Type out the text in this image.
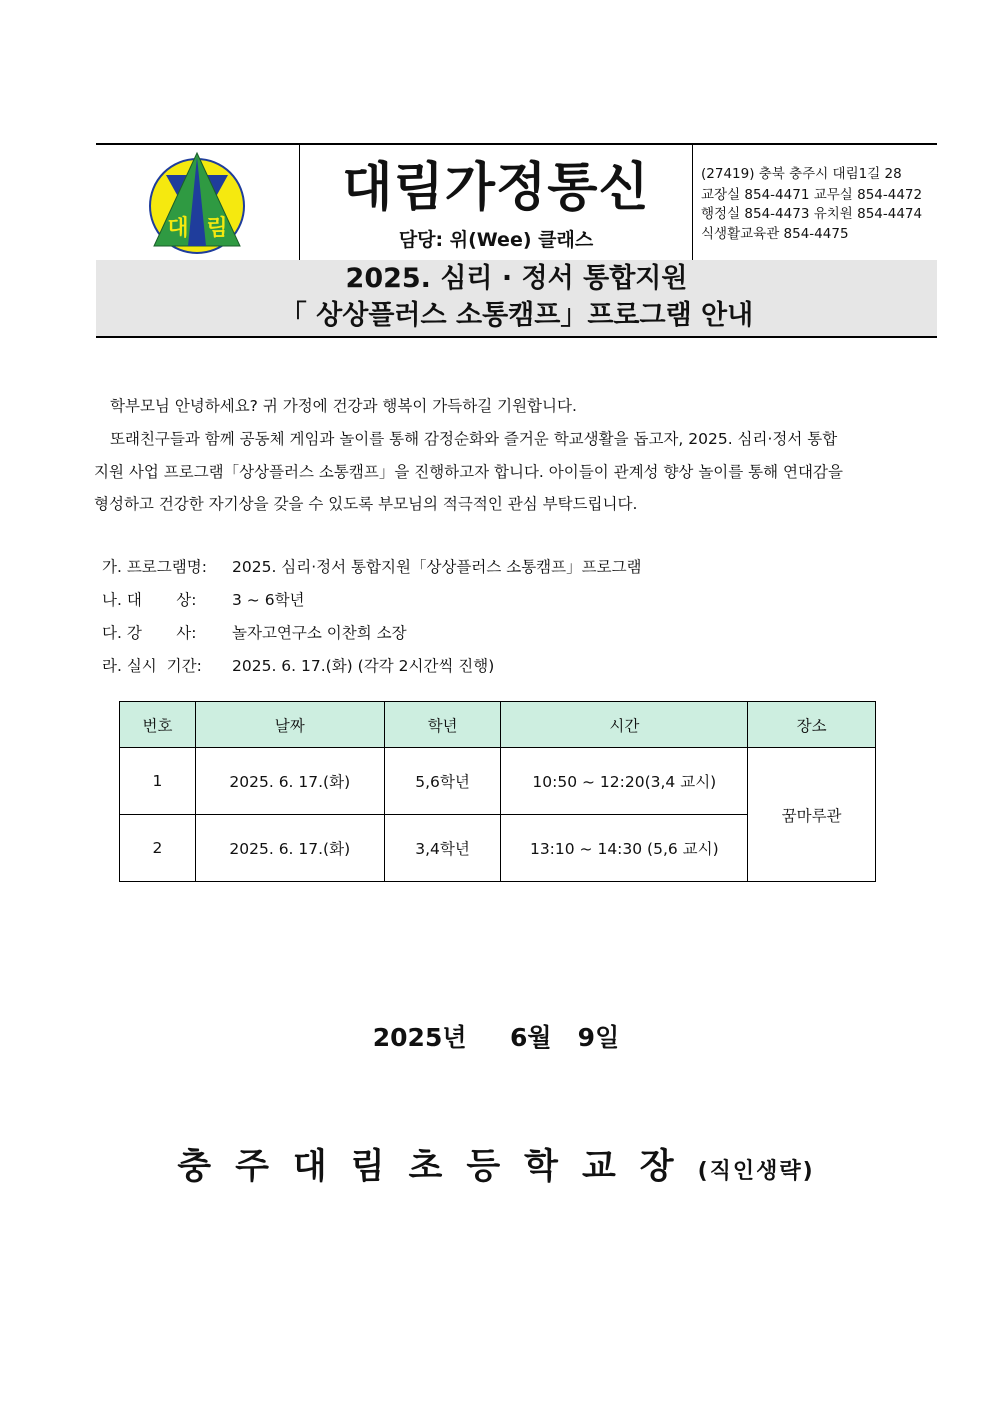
대 림
대림가정통신
담당: 위(Wee) 클래스
(27419) 충북 충주시 대림1길 28
교장실 854-4471 교무실 854-4472
행정실 854-4473 유치원 854-4474
식생활교육관 854-4475
2025. 심리 · 정서 통합지원
「 상상플러스 소통캠프」프로그램 안내
학부모님 안녕하세요? 귀 가정에 건강과 행복이 가득하길 기원합니다.
또래친구들과 함께 공동체 게임과 놀이를 통해 감정순화와 즐거운 학교생활을 돕고자, 2025. 심리·정서 통합
지원 사업 프로그램「상상플러스 소통캠프」을 진행하고자 합니다. 아이들이 관계성 향상 놀이를 통해 연대감을
형성하고 건강한 자기상을 갖을 수 있도록 부모님의 적극적인 관심 부탁드립니다.
가. 프로그램명: 2025. 심리·정서 통합지원「상상플러스 소통캠프」프로그램
나. 대       상: 3 ~ 6학년
다. 강       사: 놀자고연구소 이찬희 소장
라. 실시  기간: 2025. 6. 17.(화) (각각 2시간씩 진행)
번호	날짜	학년	시간	장소
1	2025. 6. 17.(화)	5,6학년	10:50 ~ 12:20(3,4 교시)	꿈마루관
2	2025. 6. 17.(화)	3,4학년	13:10 ~ 14:30 (5,6 교시)	
2025년     6월   9일
충주대림초등학교장(직인생략)
